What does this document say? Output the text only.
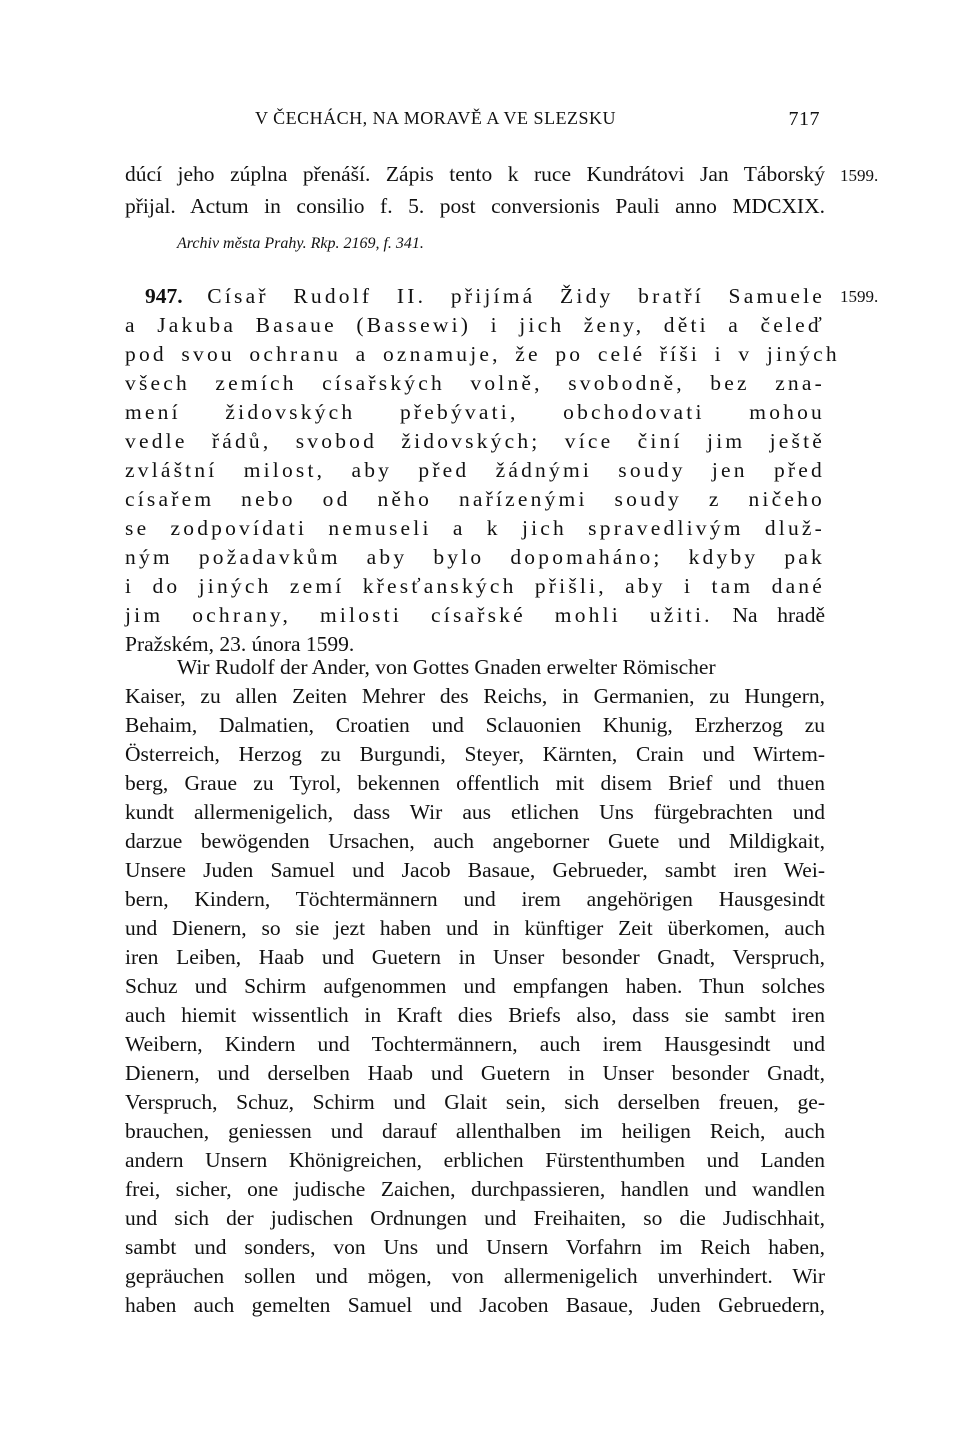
V ČECHÁCH, NA MORAVĚ A VE SLEZSKU	717
dúcí jeho zúplna přenáší. Zápis tento k ruce Kundrátovi Jan Táborský
přijal. Actum in consilio f. 5. post conversionis Pauli anno MDCXIX.
Archiv města Prahy. Rkp. 2169, f. 341.
1599.
947. Císař Rudolf II. přijímá Židy bratří Samuele
a Jakuba Basaue (Bassewi) i jich ženy, děti a čeleď
pod svou ochranu a oznamuje, že po celé říši i v jiných
všech zemích císařských volně, svobodně, bez zna-
mení židovských přebývati, obchodovati mohou
vedle řádů, svobod židovských; více činí jim ještě
zvláštní milost, aby před žádnými soudy jen před
císařem nebo od něho nařízenými soudy z ničeho
se zodpovídati nemuseli a k jich spravedlivým dluž-
ným požadavkům aby bylo dopomaháno; kdyby pak
i do jiných zemí křesťanských přišli, aby i tam dané
jim ochrany, milosti císařské mohli užiti. Na hradě
Pražském, 23. února 1599.
1599.
Wir Rudolf der Ander, von Gottes Gnaden erwelter Römischer
Kaiser, zu allen Zeiten Mehrer des Reichs, in Germanien, zu Hungern,
Behaim, Dalmatien, Croatien und Sclauonien Khunig, Erzherzog zu
Österreich, Herzog zu Burgundi, Steyer, Kärnten, Crain und Wirtem-
berg, Graue zu Tyrol, bekennen offentlich mit disem Brief und thuen
kundt allermenigelich, dass Wir aus etlichen Uns fürgebrachten und
darzue bewögenden Ursachen, auch angeborner Guete und Mildigkait,
Unsere Juden Samuel und Jacob Basaue, Gebrueder, sambt iren Wei-
bern, Kindern, Töchtermännern und irem angehörigen Hausgesindt
und Dienern, so sie jezt haben und in künftiger Zeit überkomen, auch
iren Leiben, Haab und Guetern in Unser besonder Gnadt, Verspruch,
Schuz und Schirm aufgenommen und empfangen haben. Thun solches
auch hiemit wissentlich in Kraft dies Briefs also, dass sie sambt iren
Weibern, Kindern und Tochtermännern, auch irem Hausgesindt und
Dienern, und derselben Haab und Guetern in Unser besonder Gnadt,
Verspruch, Schuz, Schirm und Glait sein, sich derselben freuen, ge-
brauchen, geniessen und darauf allenthalben im heiligen Reich, auch
andern Unsern Khönigreichen, erblichen Fürstenthumben und Landen
frei, sicher, one judische Zaichen, durchpassieren, handlen und wandlen
und sich der judischen Ordnungen und Freihaiten, so die Judischhait,
sambt und sonders, von Uns und Unsern Vorfahrn im Reich haben,
gepräuchen sollen und mögen, von allermenigelich unverhindert. Wir
haben auch gemelten Samuel und Jacoben Basaue, Juden Gebruedern,
